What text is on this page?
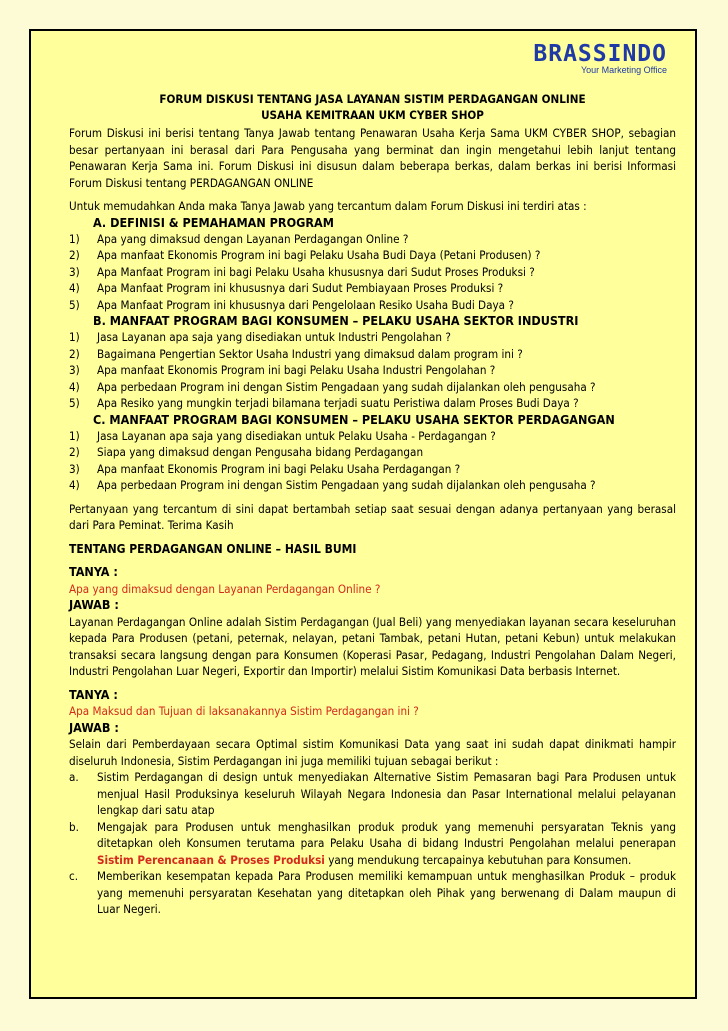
BRASSINDO
Your Marketing Office
FORUM DISKUSI TENTANG JASA LAYANAN SISTIM PERDAGANGAN ONLINE
USAHA KEMITRAAN UKM CYBER SHOP

Forum Diskusi ini berisi tentang Tanya Jawab tentang Penawaran Usaha Kerja Sama UKM CYBER SHOP, sebagian besar pertanyaan ini berasal dari Para Pengusaha yang berminat dan ingin mengetahui lebih lanjut tentang Penawaran Kerja Sama ini. Forum Diskusi ini disusun dalam beberapa berkas, dalam berkas ini berisi Informasi Forum Diskusi tentang PERDAGANGAN ONLINE

Untuk memudahkan Anda maka Tanya Jawab yang tercantum dalam Forum Diskusi ini terdiri atas :

A. DEFINISI & PEMAHAMAN PROGRAM
1)	Apa yang dimaksud dengan Layanan Perdagangan Online ?
2)	Apa manfaat Ekonomis Program ini bagi Pelaku Usaha Budi Daya (Petani Produsen) ?
3)	Apa Manfaat Program ini bagi Pelaku Usaha khususnya dari Sudut Proses Produksi ?
4)	Apa Manfaat Program ini khususnya dari Sudut Pembiayaan Proses Produksi ?
5)	Apa Manfaat Program ini khususnya dari Pengelolaan Resiko Usaha Budi Daya ?
B. MANFAAT PROGRAM BAGI KONSUMEN – PELAKU USAHA SEKTOR INDUSTRI
1)	Jasa Layanan apa saja yang disediakan untuk Industri Pengolahan ?
2)	Bagaimana Pengertian Sektor Usaha Industri yang dimaksud dalam program ini ?
3)	Apa manfaat Ekonomis Program ini bagi Pelaku Usaha Industri Pengolahan ?
4)	Apa perbedaan Program ini dengan Sistim Pengadaan yang sudah dijalankan oleh pengusaha ?
5)	Apa Resiko yang mungkin terjadi bilamana terjadi suatu Peristiwa dalam Proses Budi Daya ?
C. MANFAAT PROGRAM BAGI KONSUMEN – PELAKU USAHA SEKTOR PERDAGANGAN
1)	Jasa Layanan apa saja yang disediakan untuk Pelaku Usaha - Perdagangan ?
2)	Siapa yang dimaksud dengan Pengusaha bidang Perdagangan
3)	Apa manfaat Ekonomis Program ini bagi Pelaku Usaha Perdagangan ?
4)	Apa perbedaan Program ini dengan Sistim Pengadaan yang sudah dijalankan oleh pengusaha ?

Pertanyaan yang tercantum di sini dapat bertambah setiap saat sesuai dengan adanya pertanyaan yang berasal dari Para Peminat. Terima Kasih

TENTANG PERDAGANGAN ONLINE – HASIL BUMI
TANYA :
Apa yang dimaksud dengan Layanan Perdagangan Online ?
JAWAB :

Layanan Perdagangan Online adalah Sistim Perdagangan (Jual Beli) yang menyediakan layanan secara keseluruhan kepada Para Produsen (petani, peternak, nelayan, petani Tambak, petani Hutan, petani Kebun) untuk melakukan transaksi secara langsung dengan para Konsumen (Koperasi Pasar, Pedagang, Industri Pengolahan Dalam Negeri, Industri Pengolahan Luar Negeri, Exportir dan Importir) melalui Sistim Komunikasi Data berbasis Internet.

TANYA :
Apa Maksud dan Tujuan di laksanakannya Sistim Perdagangan ini ?
JAWAB :

Selain dari Pemberdayaan secara Optimal sistim Komunikasi Data yang saat ini sudah dapat dinikmati hampir diseluruh Indonesia, Sistim Perdagangan ini juga memiliki tujuan sebagai berikut :

a.	Sistim Perdagangan di design untuk menyediakan Alternative Sistim Pemasaran bagi Para Produsen untuk menjual Hasil Produksinya keseluruh Wilayah Negara Indonesia dan Pasar International melalui pelayanan lengkap dari satu atap
b.	Mengajak para Produsen untuk menghasilkan produk produk yang memenuhi persyaratan Teknis yang ditetapkan oleh Konsumen terutama para Pelaku Usaha di bidang Industri Pengolahan melalui penerapan Sistim Perencanaan & Proses Produksi yang mendukung tercapainya kebutuhan para Konsumen.
c.	Memberikan kesempatan kepada Para Produsen memiliki kemampuan untuk menghasilkan Produk – produk yang memenuhi persyaratan Kesehatan yang ditetapkan oleh Pihak yang berwenang di Dalam maupun di Luar Negeri.
